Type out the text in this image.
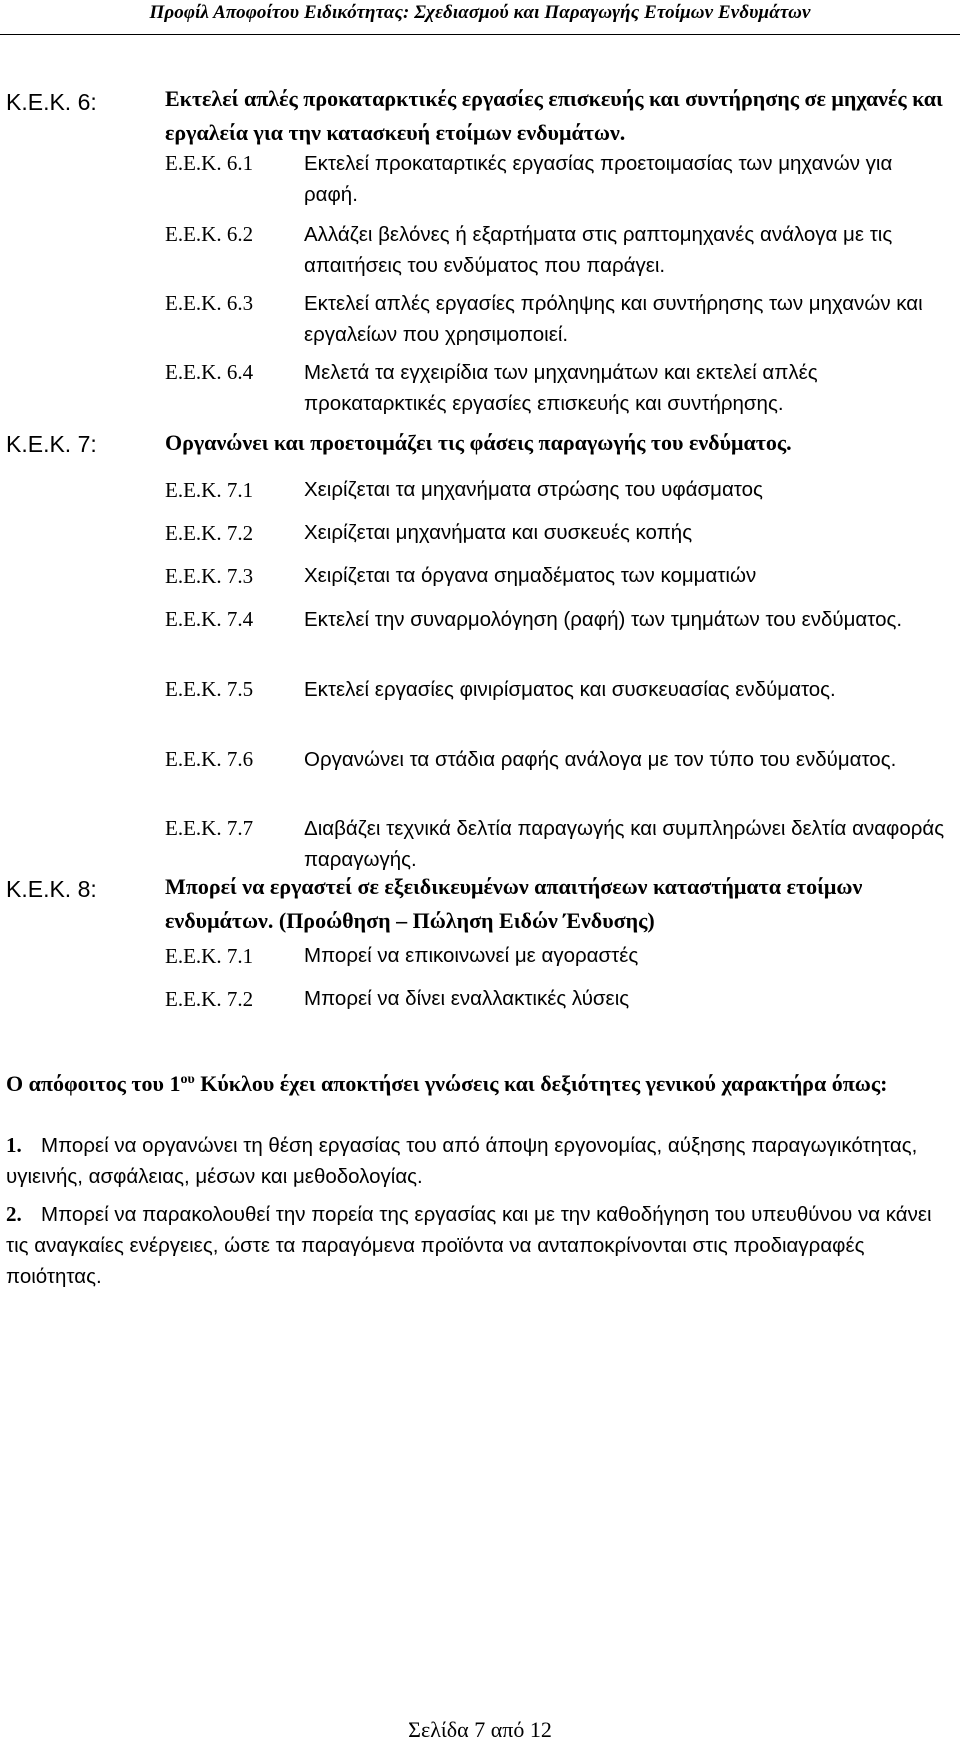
Προφίλ Αποφοίτου Ειδικότητας: Σχεδιασμού και Παραγωγής Ετοίμων Ενδυμάτων
Κ.Ε.Κ. 6:	Εκτελεί απλές προκαταρκτικές εργασίες επισκευής και συντήρησης σε μηχανές και εργαλεία για την κατασκευή ετοίμων ενδυμάτων.
Ε.Ε.Κ. 6.1 Εκτελεί προκαταρτικές εργασίας προετοιμασίας των μηχανών για ραφή.
Ε.Ε.Κ. 6.2 Αλλάζει βελόνες ή εξαρτήματα στις ραπτομηχανές ανάλογα με τις απαιτήσεις του ενδύματος που παράγει.
Ε.Ε.Κ. 6.3 Εκτελεί απλές εργασίες πρόληψης και συντήρησης των μηχανών και εργαλείων που χρησιμοποιεί.
Ε.Ε.Κ. 6.4 Μελετά τα εγχειρίδια των μηχανημάτων και εκτελεί απλές προκαταρκτικές εργασίες επισκευής και συντήρησης.
Κ.Ε.Κ. 7:	Οργανώνει και προετοιμάζει τις φάσεις παραγωγής του ενδύματος.
Ε.Ε.Κ. 7.1 Χειρίζεται τα μηχανήματα στρώσης του υφάσματος
Ε.Ε.Κ. 7.2 Χειρίζεται μηχανήματα και συσκευές κοπής
Ε.Ε.Κ. 7.3 Χειρίζεται τα όργανα σημαδέματος των κομματιών
Ε.Ε.Κ. 7.4 Εκτελεί την συναρμολόγηση (ραφή) των τμημάτων του ενδύματος.
Ε.Ε.Κ. 7.5 Εκτελεί εργασίες φινιρίσματος και συσκευασίας ενδύματος.
Ε.Ε.Κ. 7.6 Οργανώνει τα στάδια ραφής ανάλογα με τον τύπο του ενδύματος.
Ε.Ε.Κ. 7.7 Διαβάζει τεχνικά δελτία παραγωγής και συμπληρώνει δελτία αναφοράς παραγωγής.
Κ.Ε.Κ. 8:	Μπορεί να εργαστεί σε εξειδικευμένων απαιτήσεων καταστήματα ετοίμων ενδυμάτων. (Προώθηση – Πώληση Ειδών Ένδυσης)
Ε.Ε.Κ. 7.1 Μπορεί να επικοινωνεί με αγοραστές
Ε.Ε.Κ. 7.2 Μπορεί να δίνει εναλλακτικές λύσεις
Ο απόφοιτος του $1^{o\upsilon}$ Κύκλου έχει αποκτήσει γνώσεις και δεξιότητες γενικού χαρακτήρα όπως:
1. Μπορεί να οργανώνει τη θέση εργασίας του από άποψη εργονομίας, αύξησης παραγωγικότητας, υγιεινής, ασφάλειας, μέσων και μεθοδολογίας.
2. Μπορεί να παρακολουθεί την πορεία της εργασίας και με την καθοδήγηση του υπευθύνου να κάνει τις αναγκαίες ενέργειες, ώστε τα παραγόμενα προϊόντα να ανταποκρίνονται στις προδιαγραφές ποιότητας.
Σελίδα 7 από 12
